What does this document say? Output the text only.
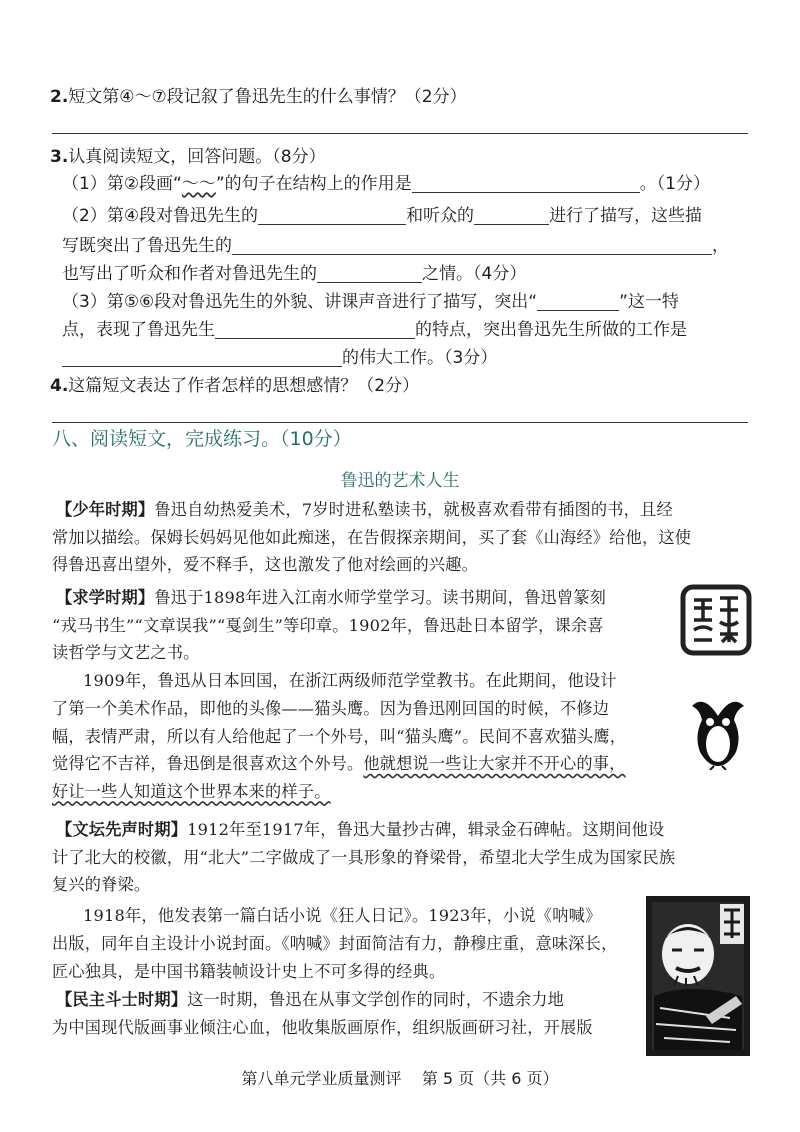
2.短文第④～⑦段记叙了鲁迅先生的什么事情？（2分）
3.认真阅读短文，回答问题。（8分）
（1）第②段画“～～”的句子在结构上的作用是	。（1分）
（2）第④段对鲁迅先生的	和听众的	进行了描写，这些描
写既突出了鲁迅先生的	，
也写出了听众和作者对鲁迅先生的	之情。（4分）
（3）第⑤⑥段对鲁迅先生的外貌、讲课声音进行了描写，突出“	”这一特
点，表现了鲁迅先生	的特点，突出鲁迅先生所做的工作是
的伟大工作。（3分）
4.这篇短文表达了作者怎样的思想感情？（2分）
八、阅读短文，完成练习。（10分）
鲁迅的艺术人生
【少年时期】鲁迅自幼热爱美术，7岁时进私塾读书，就极喜欢看带有插图的书，且经
常加以描绘。保姆长妈妈见他如此痴迷，在告假探亲期间，买了套《山海经》给他，这使
得鲁迅喜出望外，爱不释手，这也激发了他对绘画的兴趣。
【求学时期】鲁迅于1898年进入江南水师学堂学习。读书期间，鲁迅曾篆刻
“戎马书生”“文章误我”“戛剑生”等印章。1902年，鲁迅赴日本留学，课余喜
读哲学与文艺之书。
1909年，鲁迅从日本回国，在浙江两级师范学堂教书。在此期间，他设计
了第一个美术作品，即他的头像——猫头鹰。因为鲁迅刚回国的时候，不修边
幅，表情严肃，所以有人给他起了一个外号，叫“猫头鹰”。民间不喜欢猫头鹰，
觉得它不吉祥，鲁迅倒是很喜欢这个外号。他就想说一些让大家并不开心的事，
好让一些人知道这个世界本来的样子。
【文坛先声时期】1912年至1917年，鲁迅大量抄古碑，辑录金石碑帖。这期间他设
计了北大的校徽，用“北大”二字做成了一具形象的脊梁骨，希望北大学生成为国家民族
复兴的脊梁。
1918年，他发表第一篇白话小说《狂人日记》。1923年，小说《呐喊》
出版，同年自主设计小说封面。《呐喊》封面简洁有力，静穆庄重，意味深长，
匠心独具，是中国书籍装帧设计史上不可多得的经典。
【民主斗士时期】这一时期，鲁迅在从事文学创作的同时，不遗余力地
为中国现代版画事业倾注心血，他收集版画原作，组织版画研习社，开展版
第八单元学业质量测评    第 5 页（共 6 页）
